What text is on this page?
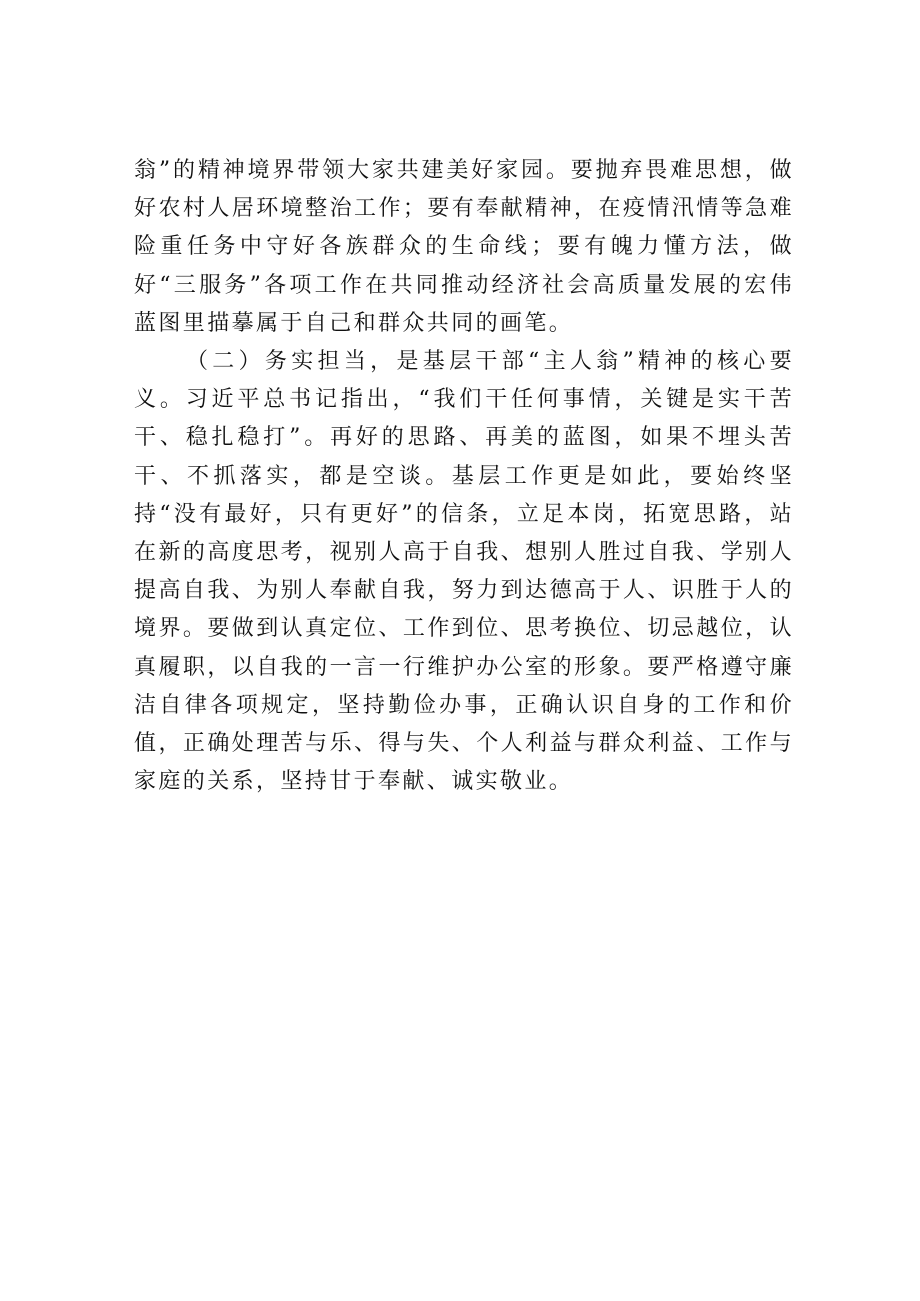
翁”的精神境界带领大家共建美好家园。要抛弃畏难思想，做好农村人居环境整治工作；要有奉献精神，在疫情汛情等急难险重任务中守好各族群众的生命线；要有魄力懂方法，做好“三服务”各项工作在共同推动经济社会高质量发展的宏伟蓝图里描摹属于自己和群众共同的画笔。

（二）务实担当，是基层干部“主人翁”精神的核心要义。习近平总书记指出，“我们干任何事情，关键是实干苦干、稳扎稳打”。再好的思路、再美的蓝图，如果不埋头苦干、不抓落实，都是空谈。基层工作更是如此，要始终坚持“没有最好，只有更好”的信条，立足本岗，拓宽思路，站在新的高度思考，视别人高于自我、想别人胜过自我、学别人提高自我、为别人奉献自我，努力到达德高于人、识胜于人的境界。要做到认真定位、工作到位、思考换位、切忌越位，认真履职，以自我的一言一行维护办公室的形象。要严格遵守廉洁自律各项规定，坚持勤俭办事，正确认识自身的工作和价值，正确处理苦与乐、得与失、个人利益与群众利益、工作与家庭的关系，坚持甘于奉献、诚实敬业。
